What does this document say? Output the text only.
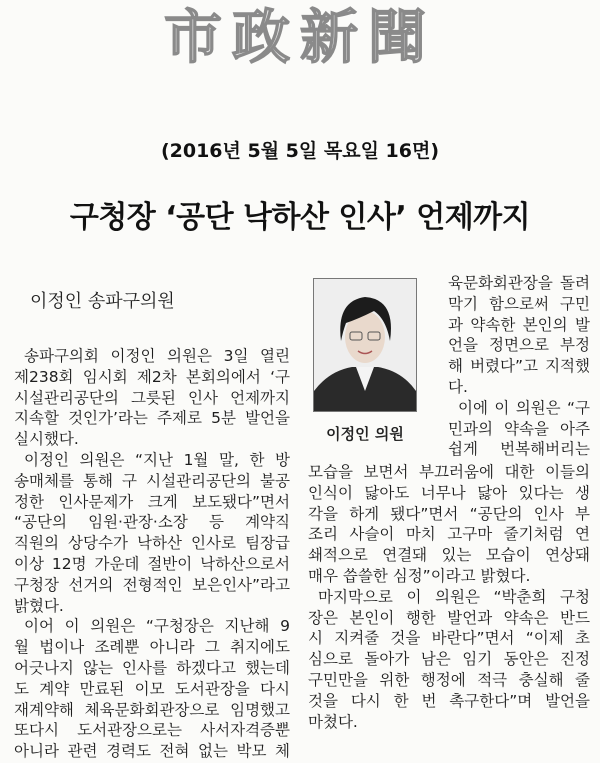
市政新聞
(2016년 5월 5일 목요일 16면)
구청장 ‘공단 낙하산 인사’ 언제까지
이정인 송파구의원
이정인 의원
송파구의회 이정인 의원은 3일 열린
제238회 임시회 제2차 본회의에서 ‘구
시설관리공단의 그릇된 인사 언제까지
지속할 것인가’라는 주제로 5분 발언을
실시했다.
이정인 의원은 “지난 1월 말, 한 방
송매체를 통해 구 시설관리공단의 불공
정한 인사문제가 크게 보도됐다”면서
“공단의 임원·관장·소장 등 계약직
직원의 상당수가 낙하산 인사로 팀장급
이상 12명 가운데 절반이 낙하산으로서
구청장 선거의 전형적인 보은인사”라고
밝혔다.
이어 이 의원은 “구청장은 지난해 9
월 법이나 조례뿐 아니라 그 취지에도
어긋나지 않는 인사를 하겠다고 했는데
도 계약 만료된 이모 도서관장을 다시
재계약해 체육문화회관장으로 임명했고
또다시 도서관장으로는 사서자격증뿐
아니라 관련 경력도 전혀 없는 박모 체
육문화회관장을 돌려
막기 함으로써 구민
과 약속한 본인의 발
언을 정면으로 부정
해 버렸다”고 지적했
다.
이에 이 의원은 “구
민과의 약속을 아주
쉽게 번복해버리는
모습을 보면서 부끄러움에 대한 이들의
인식이 닳아도 너무나 닳아 있다는 생
각을 하게 됐다”면서 “공단의 인사 부
조리 사슬이 마치 고구마 줄기처럼 연
쇄적으로 연결돼 있는 모습이 연상돼
매우 씁쓸한 심정”이라고 밝혔다.
마지막으로 이 의원은 “박춘희 구청
장은 본인이 행한 발언과 약속은 반드
시 지켜줄 것을 바란다”면서 “이제 초
심으로 돌아가 남은 임기 동안은 진정
구민만을 위한 행정에 적극 충실해 줄
것을 다시 한 번 촉구한다”며 발언을
마쳤다.
